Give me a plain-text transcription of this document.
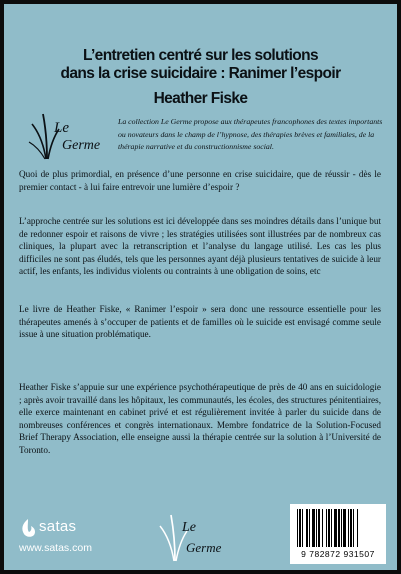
L’entretien centré sur les solutions
dans la crise suicidaire : Ranimer l’espoir
Heather Fiske
Le
Germe
La collection Le Germe propose aux thérapeutes francophones des textes importants ou novateurs dans le champ de l’hypnose, des thérapies brèves et familiales, de la thérapie narrative et du constructionnisme social.

Quoi de plus primordial, en présence d’une personne en crise suicidaire, que de réussir - dès le premier contact - à lui faire entrevoir une lumière d’espoir ?

L’approche centrée sur les solutions est ici développée dans ses moindres détails dans l’unique but de redonner espoir et raisons de vivre ; les stratégies utilisées sont illustrées par de nombreux cas cliniques, la plupart avec la retranscription et l’analyse du langage utilisé. Les cas les plus difficiles ne sont pas éludés, tels que les personnes ayant déjà plusieurs tentatives de suicide à leur actif, les enfants, les individus violents ou contraints à une obligation de soins, etc

Le livre de Heather Fiske, « Ranimer l’espoir » sera donc une ressource essentielle pour les thérapeutes amenés à s’occuper de patients et de familles où le suicide est envisagé comme seule issue à une situation problématique.

Heather Fiske s’appuie sur une expérience psychothérapeutique de près de 40 ans en suicidologie ; après avoir travaillé dans les hôpitaux, les communautés, les écoles, des structures pénitentiaires, elle exerce maintenant en cabinet privé et est régulièrement invitée à parler du suicide dans de nombreuses conférences et congrès internationaux. Membre fondatrice de la Solution-Focused Brief Therapy Association, elle enseigne aussi la thérapie centrée sur la solution à l’Université de Toronto.

satas
www.satas.com
Le
Germe	9 782872 931507
